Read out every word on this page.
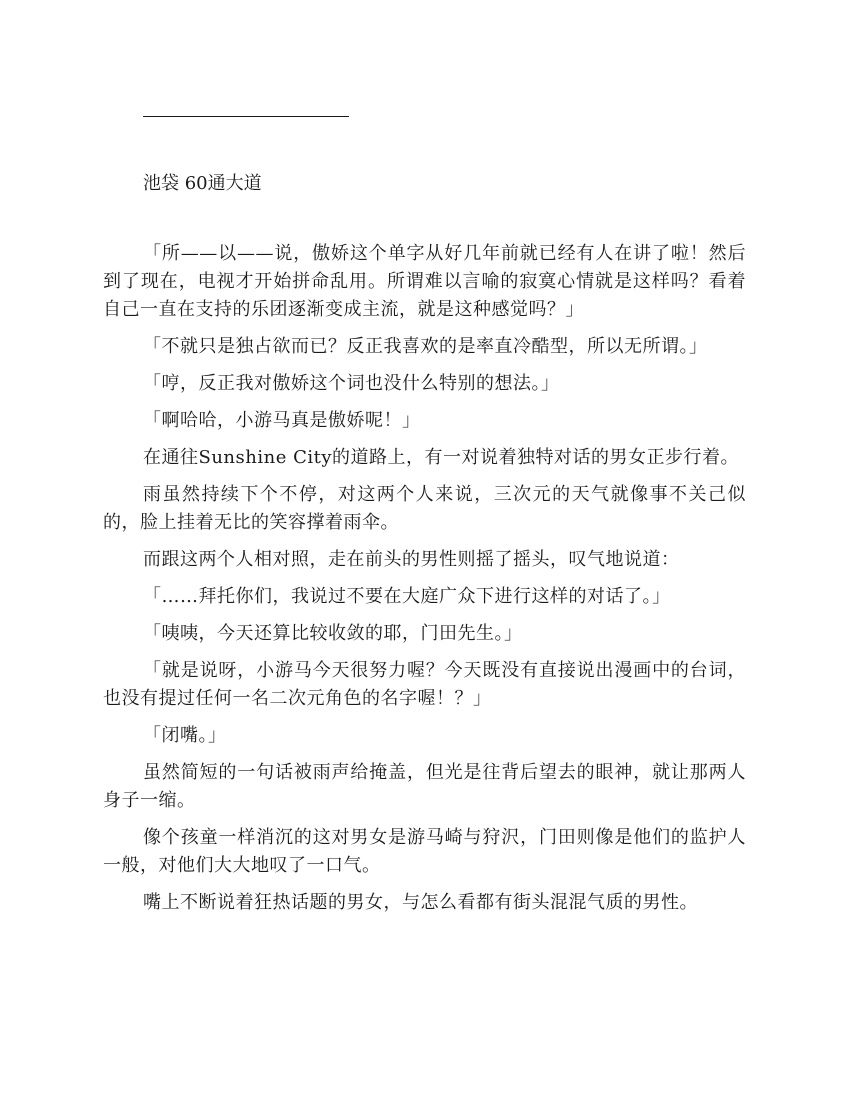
池袋 60通大道

「所——以——说，傲娇这个单字从好几年前就已经有人在讲了啦！然后到了现在，电视才开始拼命乱用。所谓难以言喻的寂寞心情就是这样吗？看着自己一直在支持的乐团逐渐变成主流，就是这种感觉吗？」

「不就只是独占欲而已？反正我喜欢的是率直冷酷型，所以无所谓。」

「哼，反正我对傲娇这个词也没什么特别的想法。」

「啊哈哈，小游马真是傲娇呢！」

在通往Sunshine City的道路上，有一对说着独特对话的男女正步行着。

雨虽然持续下个不停，对这两个人来说，三次元的天气就像事不关己似的，脸上挂着无比的笑容撑着雨伞。

而跟这两个人相对照，走在前头的男性则摇了摇头，叹气地说道：

「……拜托你们，我说过不要在大庭广众下进行这样的对话了。」

「咦咦，今天还算比较收敛的耶，门田先生。」

「就是说呀，小游马今天很努力喔？今天既没有直接说出漫画中的台词，也没有提过任何一名二次元角色的名字喔！？」

「闭嘴。」

虽然简短的一句话被雨声给掩盖，但光是往背后望去的眼神，就让那两人身子一缩。

像个孩童一样消沉的这对男女是游马崎与狩沢，门田则像是他们的监护人一般，对他们大大地叹了一口气。

嘴上不断说着狂热话题的男女，与怎么看都有街头混混气质的男性。
